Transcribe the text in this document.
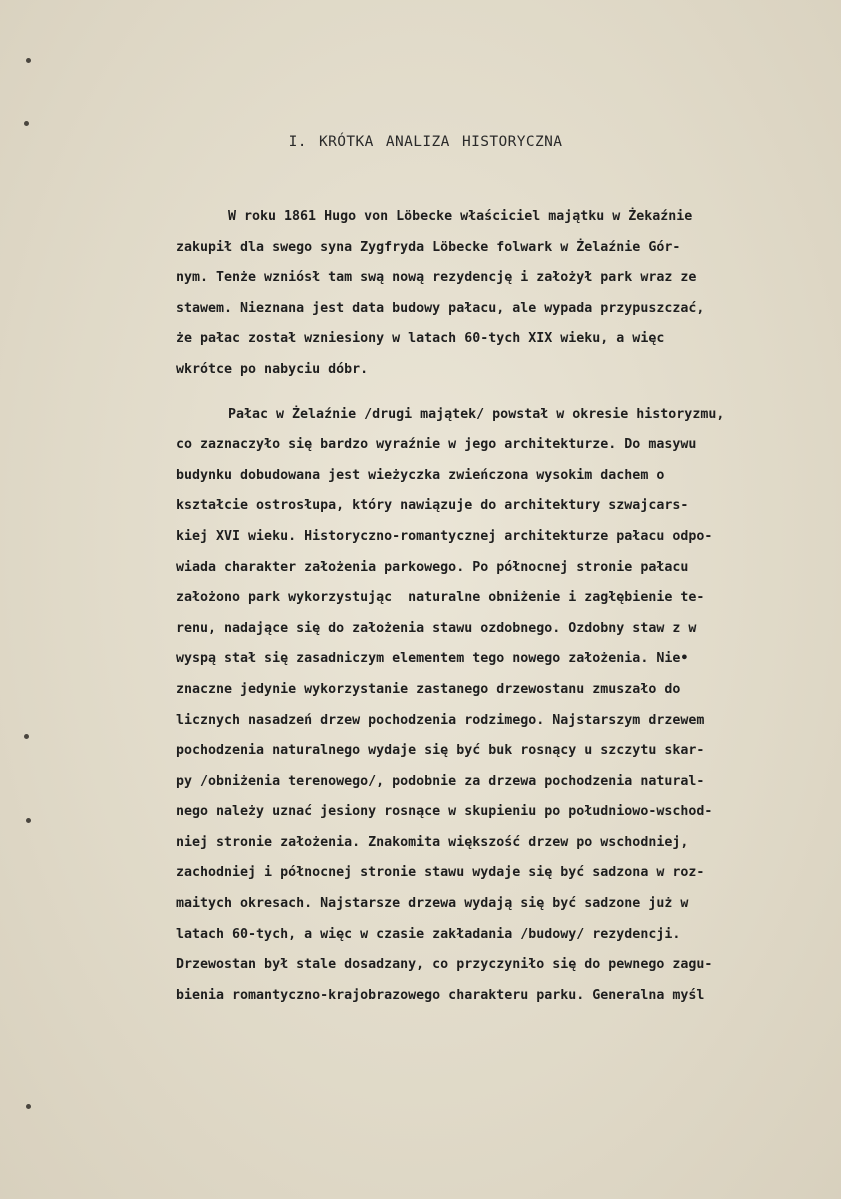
I. KRÓTKA ANALIZA HISTORYCZNA
W roku 1861 Hugo von Löbecke właściciel majątku w Żekaźnie
zakupił dla swego syna Zygfryda Löbecke folwark w Żelaźnie Gór-
nym. Tenże wzniósł tam swą nową rezydencję i założył park wraz ze
stawem. Nieznana jest data budowy pałacu, ale wypada przypuszczać,
że pałac został wzniesiony w latach 60-tych XIX wieku, a więc
wkrótce po nabyciu dóbr.
Pałac w Żelaźnie /drugi majątek/ powstał w okresie historyzmu,
co zaznaczyło się bardzo wyraźnie w jego architekturze. Do masywu
budynku dobudowana jest wieżyczka zwieńczona wysokim dachem o
kształcie ostrosłupa, który nawiązuje do architektury szwajcars-
kiej XVI wieku. Historyczno-romantycznej architekturze pałacu odpo-
wiada charakter założenia parkowego. Po północnej stronie pałacu
założono park wykorzystując  naturalne obniżenie i zagłębienie te-
renu, nadające się do założenia stawu ozdobnego. Ozdobny staw z w
wyspą stał się zasadniczym elementem tego nowego założenia. Nie•
znaczne jedynie wykorzystanie zastanego drzewostanu zmuszało do
licznych nasadzeń drzew pochodzenia rodzimego. Najstarszym drzewem
pochodzenia naturalnego wydaje się być buk rosnący u szczytu skar-
py /obniżenia terenowego/, podobnie za drzewa pochodzenia natural-
nego należy uznać jesiony rosnące w skupieniu po południowo-wschod-
niej stronie założenia. Znakomita większość drzew po wschodniej,
zachodniej i północnej stronie stawu wydaje się być sadzona w roz-
maitych okresach. Najstarsze drzewa wydają się być sadzone już w
latach 60-tych, a więc w czasie zakładania /budowy/ rezydencji.
Drzewostan był stale dosadzany, co przyczyniło się do pewnego zagu-
bienia romantyczno-krajobrazowego charakteru parku. Generalna myśl
